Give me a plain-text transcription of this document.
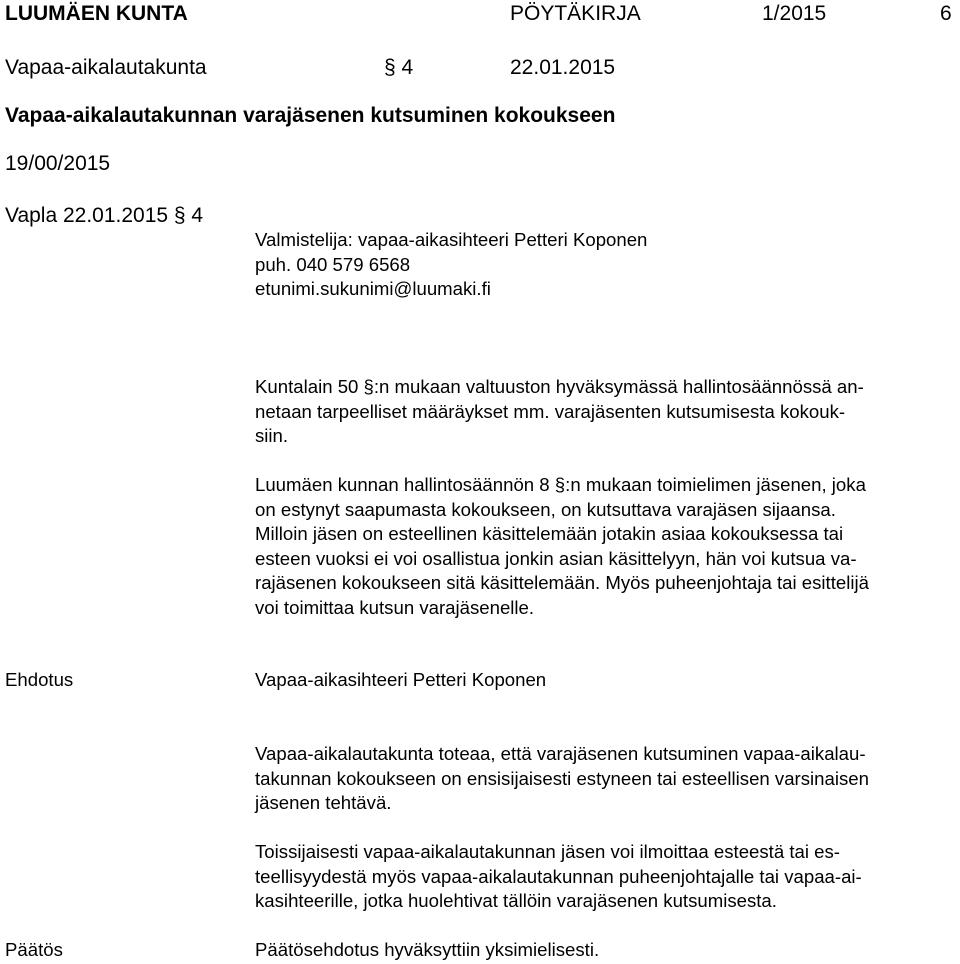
LUUMÄEN KUNTA	PÖYTÄKIRJA	1/2015	6
Vapaa-aikalautakunta	§ 4	22.01.2015
Vapaa-aikalautakunnan varajäsenen kutsuminen kokoukseen
19/00/2015
Vapla 22.01.2015 § 4
Valmistelija: vapaa-aikasihteeri Petteri Koponen
puh. 040 579 6568
etunimi.sukunimi@luumaki.fi
Kuntalain 50 §:n mukaan valtuuston hyväksymässä hallintosäännössä an-
netaan tarpeelliset määräykset mm. varajäsenten kutsumisesta kokouk-
siin.
Luumäen kunnan hallintosäännön 8 §:n mukaan toimielimen jäsenen, joka
on estynyt saapumasta kokoukseen, on kutsuttava varajäsen sijaansa.
Milloin jäsen on esteellinen käsittelemään jotakin asiaa kokouksessa tai
esteen vuoksi ei voi osallistua jonkin asian käsittelyyn, hän voi kutsua va-
rajäsenen kokoukseen sitä käsittelemään. Myös puheenjohtaja tai esittelijä
voi toimittaa kutsun varajäsenelle.
Ehdotus	Vapaa-aikasihteeri Petteri Koponen
Vapaa-aikalautakunta toteaa, että varajäsenen kutsuminen vapaa-aikalau-
takunnan kokoukseen on ensisijaisesti estyneen tai esteellisen varsinaisen
jäsenen tehtävä.
Toissijaisesti vapaa-aikalautakunnan jäsen voi ilmoittaa esteestä tai es-
teellisyydestä myös vapaa-aikalautakunnan puheenjohtajalle tai vapaa-ai-
kasihteerille, jotka huolehtivat tällöin varajäsenen kutsumisesta.
Päätös	Päätösehdotus hyväksyttiin yksimielisesti.
